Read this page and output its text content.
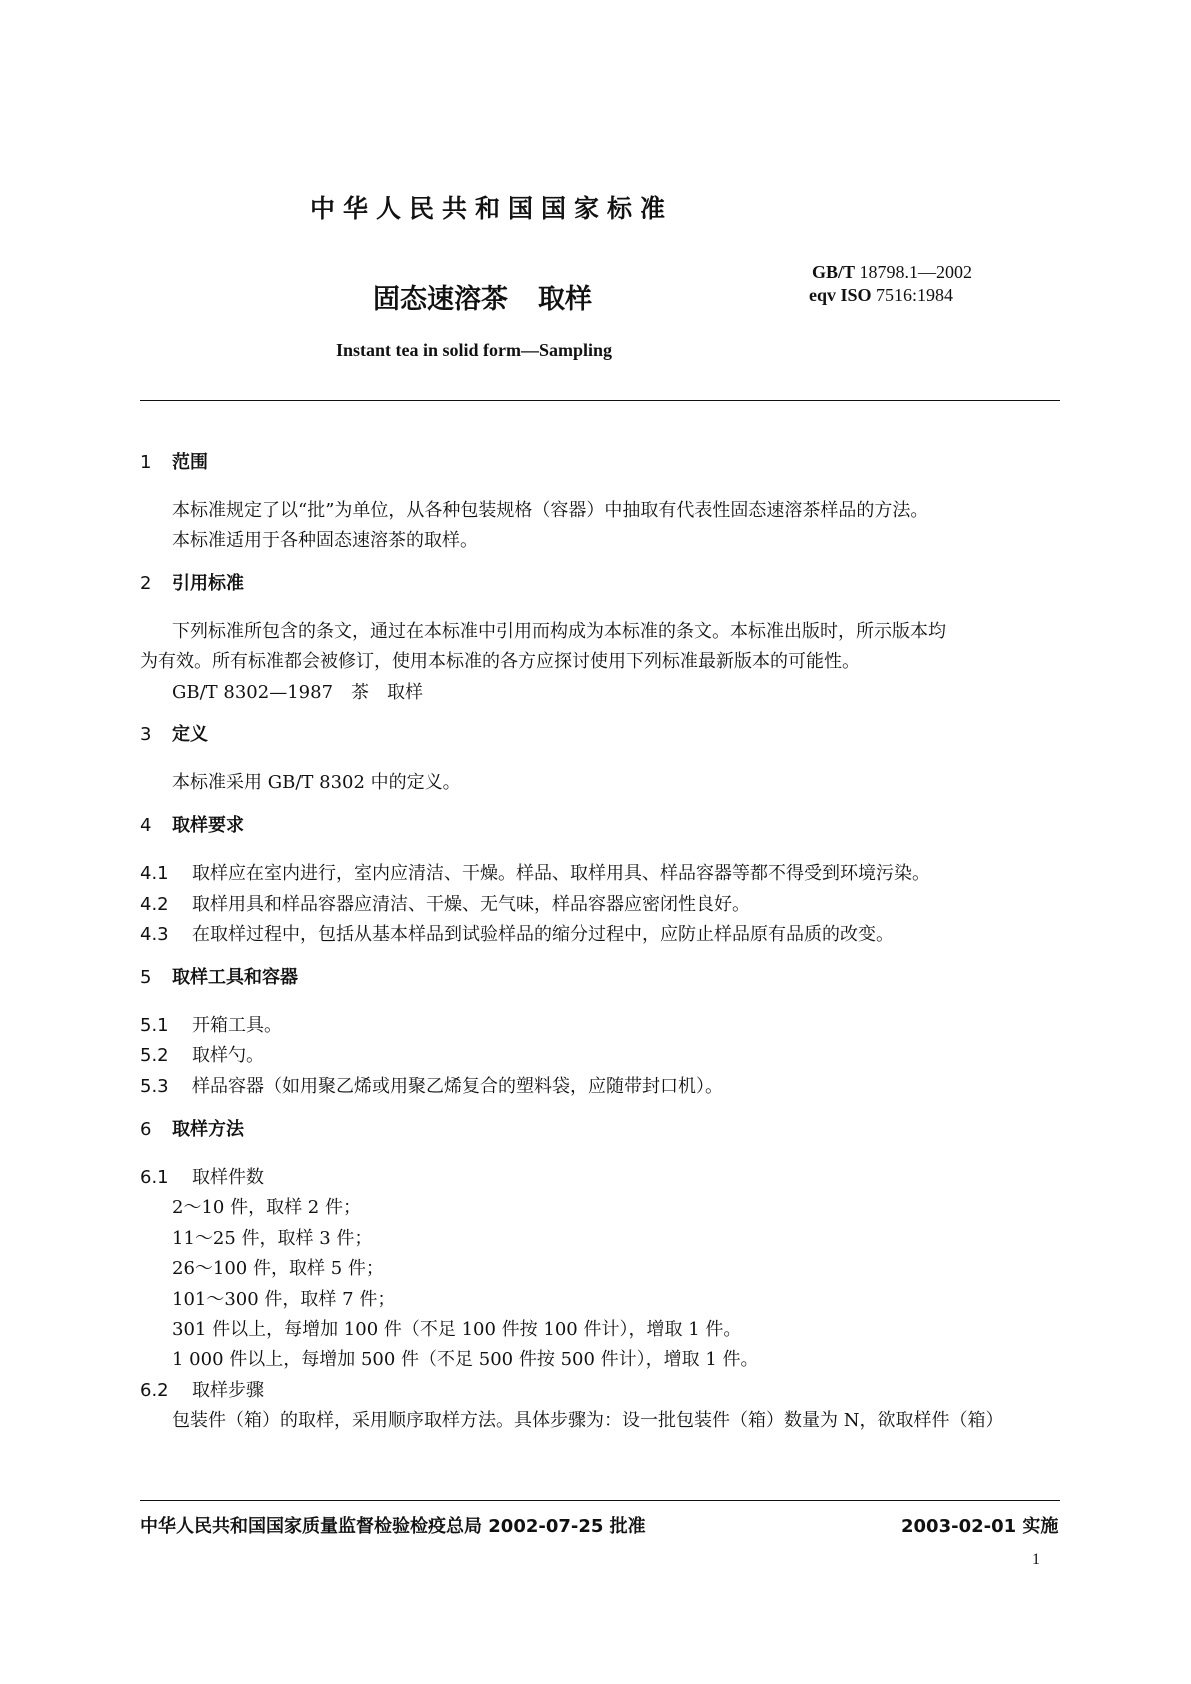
中华人民共和国国家标准
GB/T 18798.1—2002
eqv ISO 7516:1984
固态速溶茶 取样
Instant tea in solid form—Sampling
1 范围
本标准规定了以“批”为单位，从各种包装规格（容器）中抽取有代表性固态速溶茶样品的方法。
本标准适用于各种固态速溶茶的取样。
2 引用标准
下列标准所包含的条文，通过在本标准中引用而构成为本标准的条文。本标准出版时，所示版本均
为有效。所有标准都会被修订，使用本标准的各方应探讨使用下列标准最新版本的可能性。
GB/T 8302—1987　茶　取样
3 定义
本标准采用 GB/T 8302 中的定义。
4 取样要求
4.1 取样应在室内进行，室内应清洁、干燥。样品、取样用具、样品容器等都不得受到环境污染。
4.2 取样用具和样品容器应清洁、干燥、无气味，样品容器应密闭性良好。
4.3 在取样过程中，包括从基本样品到试验样品的缩分过程中，应防止样品原有品质的改变。
5 取样工具和容器
5.1 开箱工具。
5.2 取样勺。
5.3 样品容器（如用聚乙烯或用聚乙烯复合的塑料袋，应随带封口机）。
6 取样方法
6.1 取样件数
2～10 件，取样 2 件；
11～25 件，取样 3 件；
26～100 件，取样 5 件；
101～300 件，取样 7 件；
301 件以上，每增加 100 件（不足 100 件按 100 件计），增取 1 件。
1 000 件以上，每增加 500 件（不足 500 件按 500 件计），增取 1 件。
6.2 取样步骤
包装件（箱）的取样，采用顺序取样方法。具体步骤为：设一批包装件（箱）数量为 N，欲取样件（箱）
中华人民共和国国家质量监督检验检疫总局 2002-07-25 批准	2003-02-01 实施
1
